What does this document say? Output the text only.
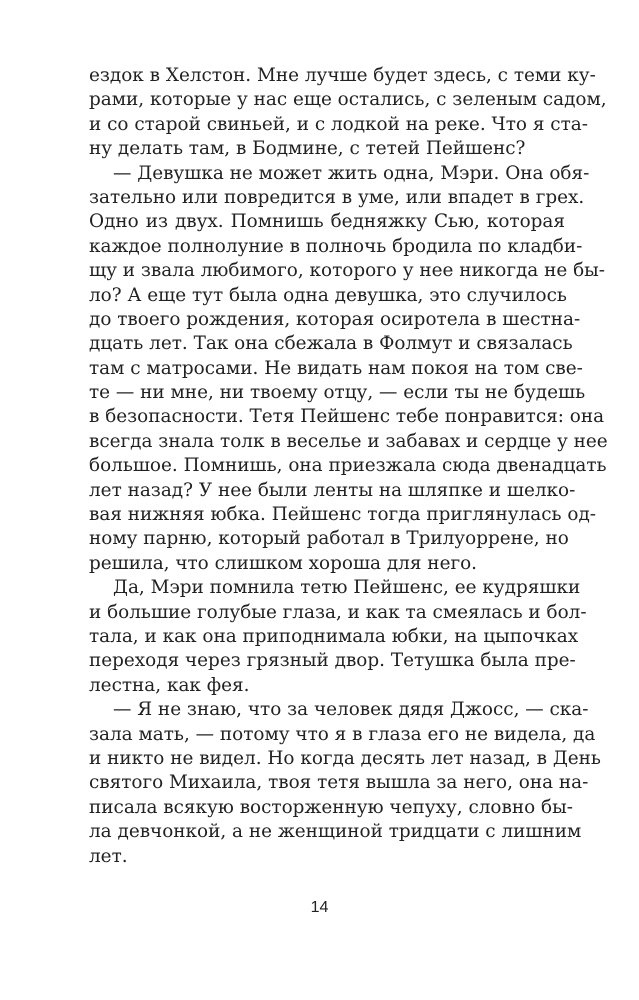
ездок в Хелстон. Мне лучше будет здесь, с теми ку-
рами, которые у нас еще остались, с зеленым садом,
и со старой свиньей, и с лодкой на реке. Что я ста-
ну делать там, в Бодмине, с тетей Пейшенс?
— Девушка не может жить одна, Мэри. Она обя-
зательно или повредится в уме, или впадет в грех.
Одно из двух. Помнишь бедняжку Сью, которая
каждое полнолуние в полночь бродила по кладби-
щу и звала любимого, которого у нее никогда не бы-
ло? А еще тут была одна девушка, это случилось
до твоего рождения, которая осиротела в шестна-
дцать лет. Так она сбежала в Фолмут и связалась
там с матросами. Не видать нам покоя на том све-
те — ни мне, ни твоему отцу, — если ты не будешь
в безопасности. Тетя Пейшенс тебе понравится: она
всегда знала толк в веселье и забавах и сердце у нее
большое. Помнишь, она приезжала сюда двенадцать
лет назад? У нее были ленты на шляпке и шелко-
вая нижняя юбка. Пейшенс тогда приглянулась од-
ному парню, который работал в Трилуоррене, но
решила, что слишком хороша для него.
Да, Мэри помнила тетю Пейшенс, ее кудряшки
и большие голубые глаза, и как та смеялась и бол-
тала, и как она приподнимала юбки, на цыпочках
переходя через грязный двор. Тетушка была пре-
лестна, как фея.
— Я не знаю, что за человек дядя Джосс, — ска-
зала мать, — потому что я в глаза его не видела, да
и никто не видел. Но когда десять лет назад, в День
святого Михаила, твоя тетя вышла за него, она на-
писала всякую восторженную чепуху, словно бы-
ла девчонкой, а не женщиной тридцати с лишним
лет.
14
